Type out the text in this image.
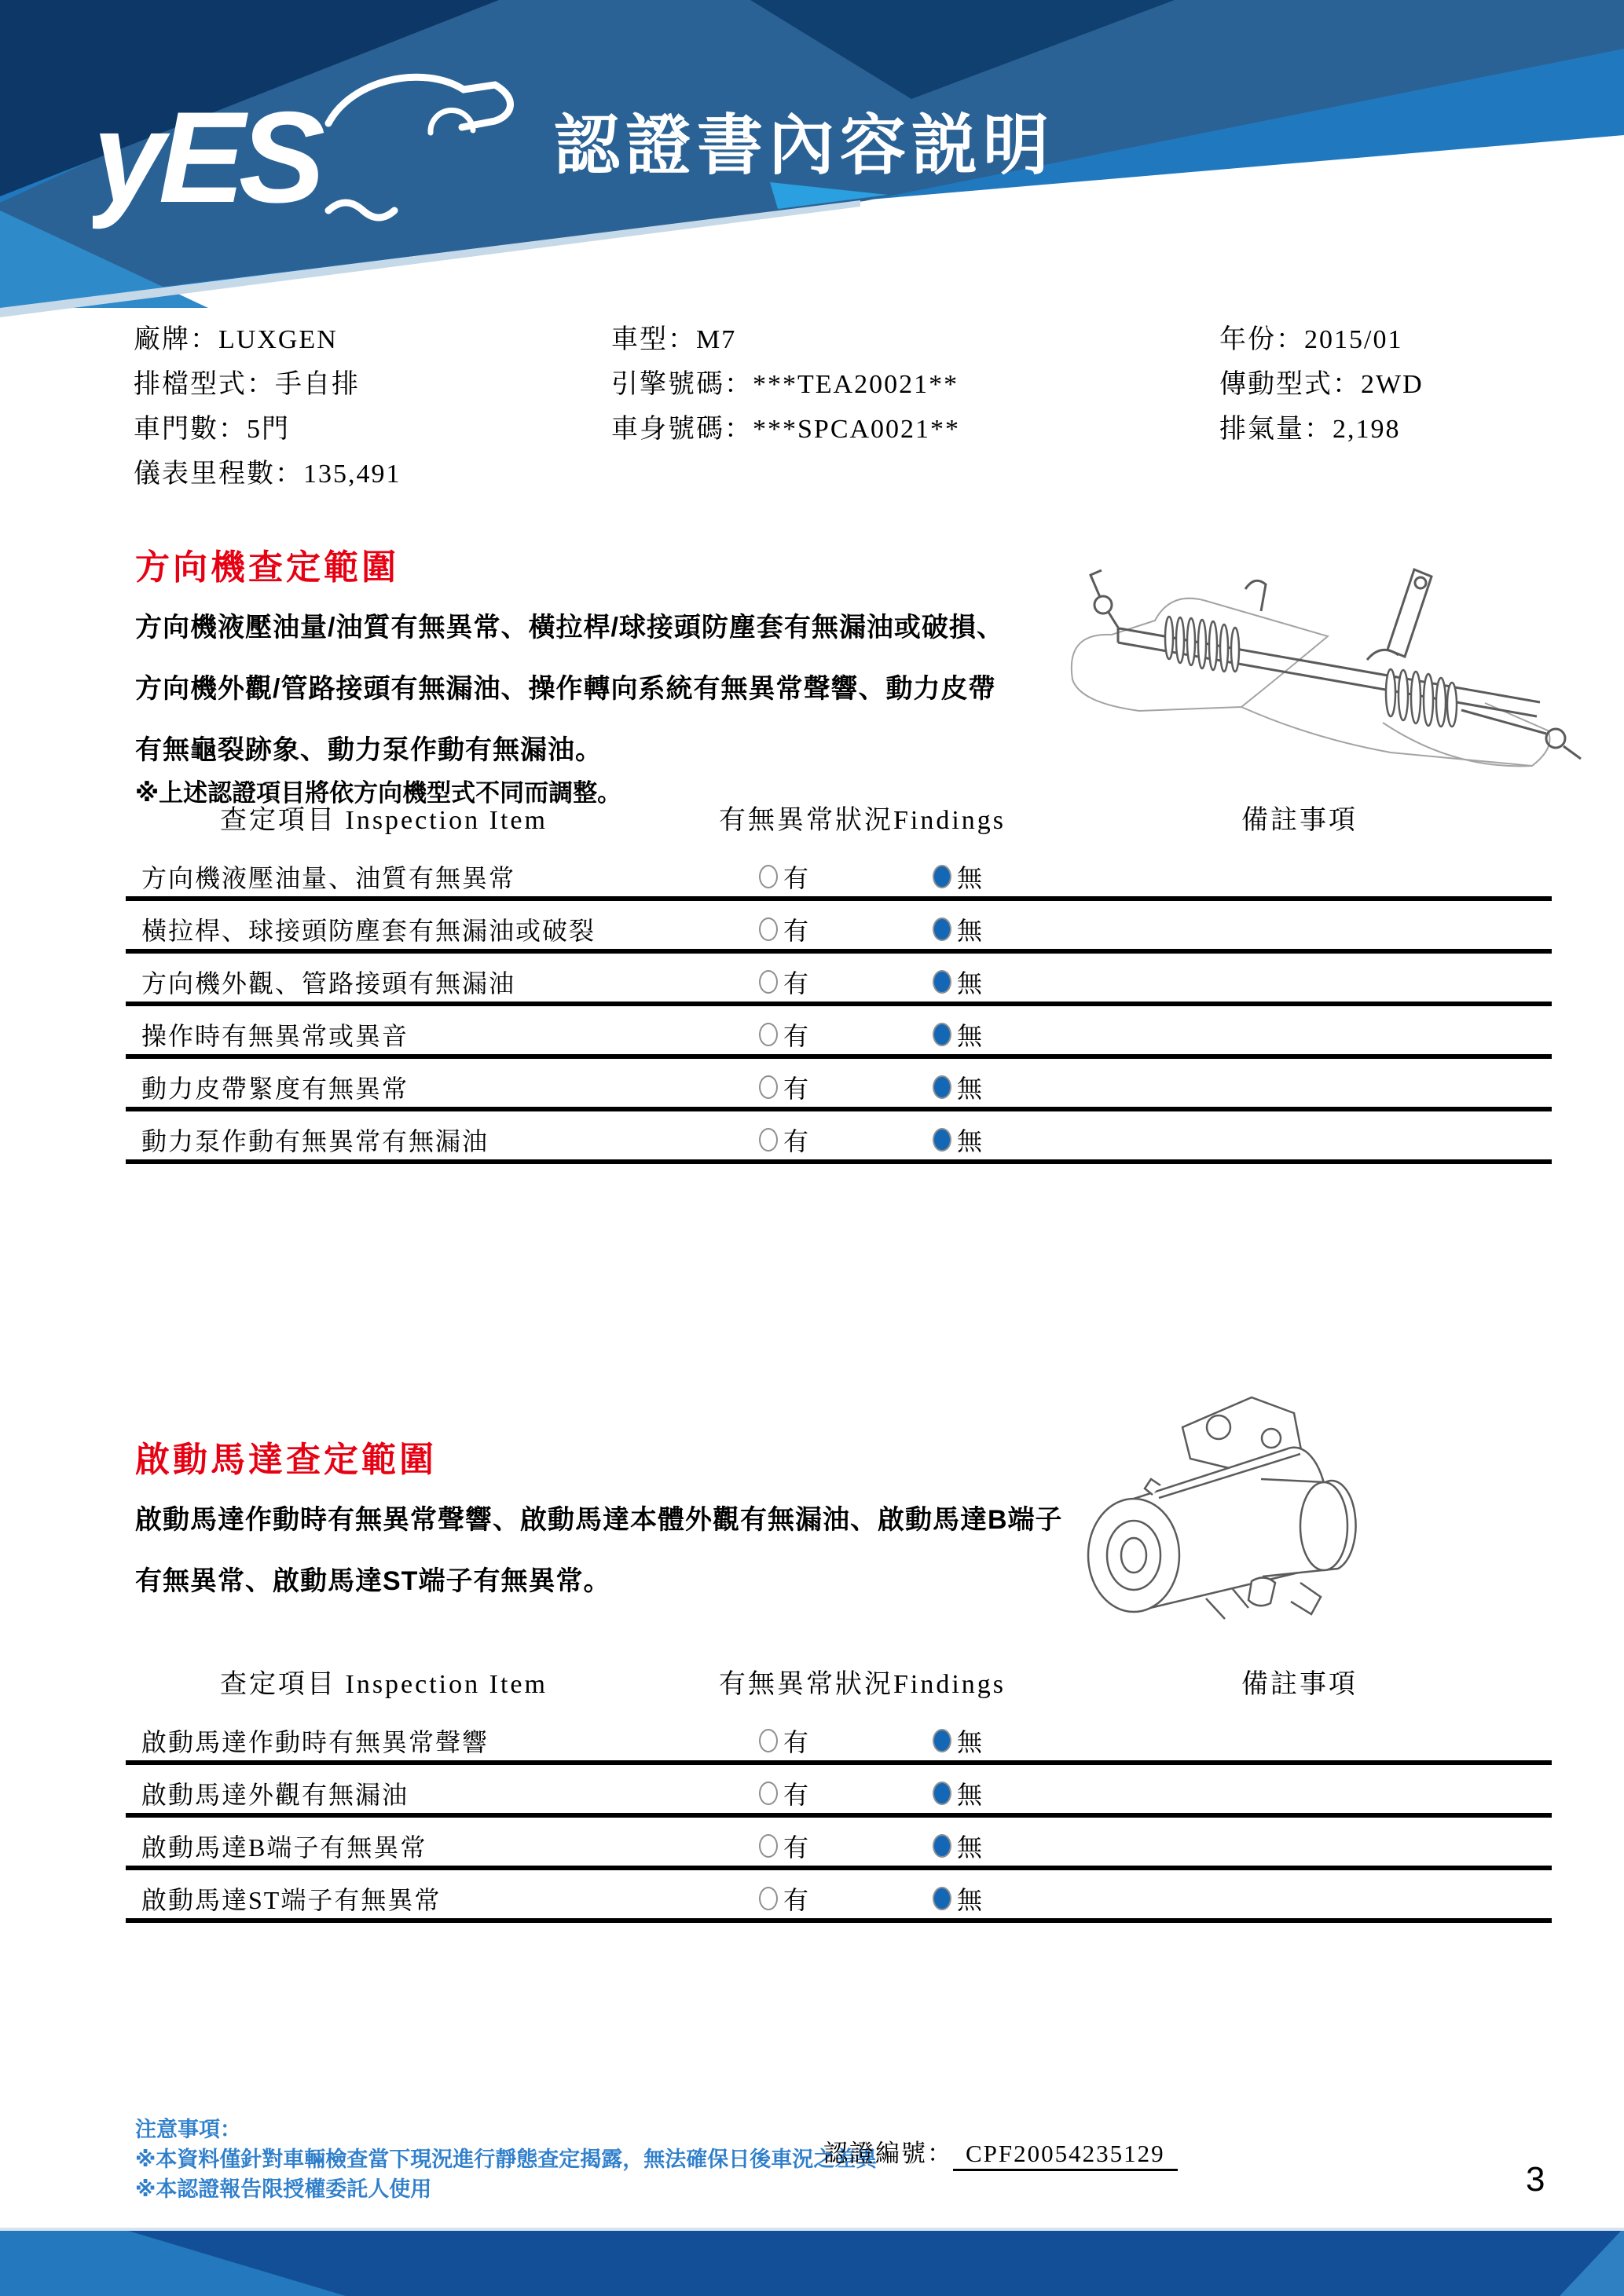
yES	認證書內容説明
廠牌：LUXGEN
排檔型式：手自排
車門數：5門
儀表里程數：135,491
車型：M7
引擎號碼：***TEA20021**
車身號碼：***SPCA0021**
年份：2015/01
傳動型式：2WD
排氣量：2,198
方向機查定範圍
方向機液壓油量/油質有無異常、橫拉桿/球接頭防塵套有無漏油或破損、
方向機外觀/管路接頭有無漏油、操作轉向系統有無異常聲響、動力皮帶
有無龜裂跡象、動力泵作動有無漏油。
※上述認證項目將依方向機型式不同而調整。
查定項目 Inspection Item	有無異常狀況Findings	備註事項
方向機液壓油量、油質有無異常	有	無
橫拉桿、球接頭防塵套有無漏油或破裂	有	無
方向機外觀、管路接頭有無漏油	有	無
操作時有無異常或異音	有	無
動力皮帶緊度有無異常	有	無
動力泵作動有無異常有無漏油	有	無
啟動馬達查定範圍
啟動馬達作動時有無異常聲響、啟動馬達本體外觀有無漏油、啟動馬達B端子
有無異常、啟動馬達ST端子有無異常。
查定項目 Inspection Item	有無異常狀況Findings	備註事項
啟動馬達作動時有無異常聲響	有	無
啟動馬達外觀有無漏油	有	無
啟動馬達B端子有無異常	有	無
啟動馬達ST端子有無異常	有	無
注意事項：
※本資料僅針對車輛檢查當下現況進行靜態查定揭露，無法確保日後車況之差異
※本認證報告限授權委託人使用
認證編號： CPF20054235129
3
